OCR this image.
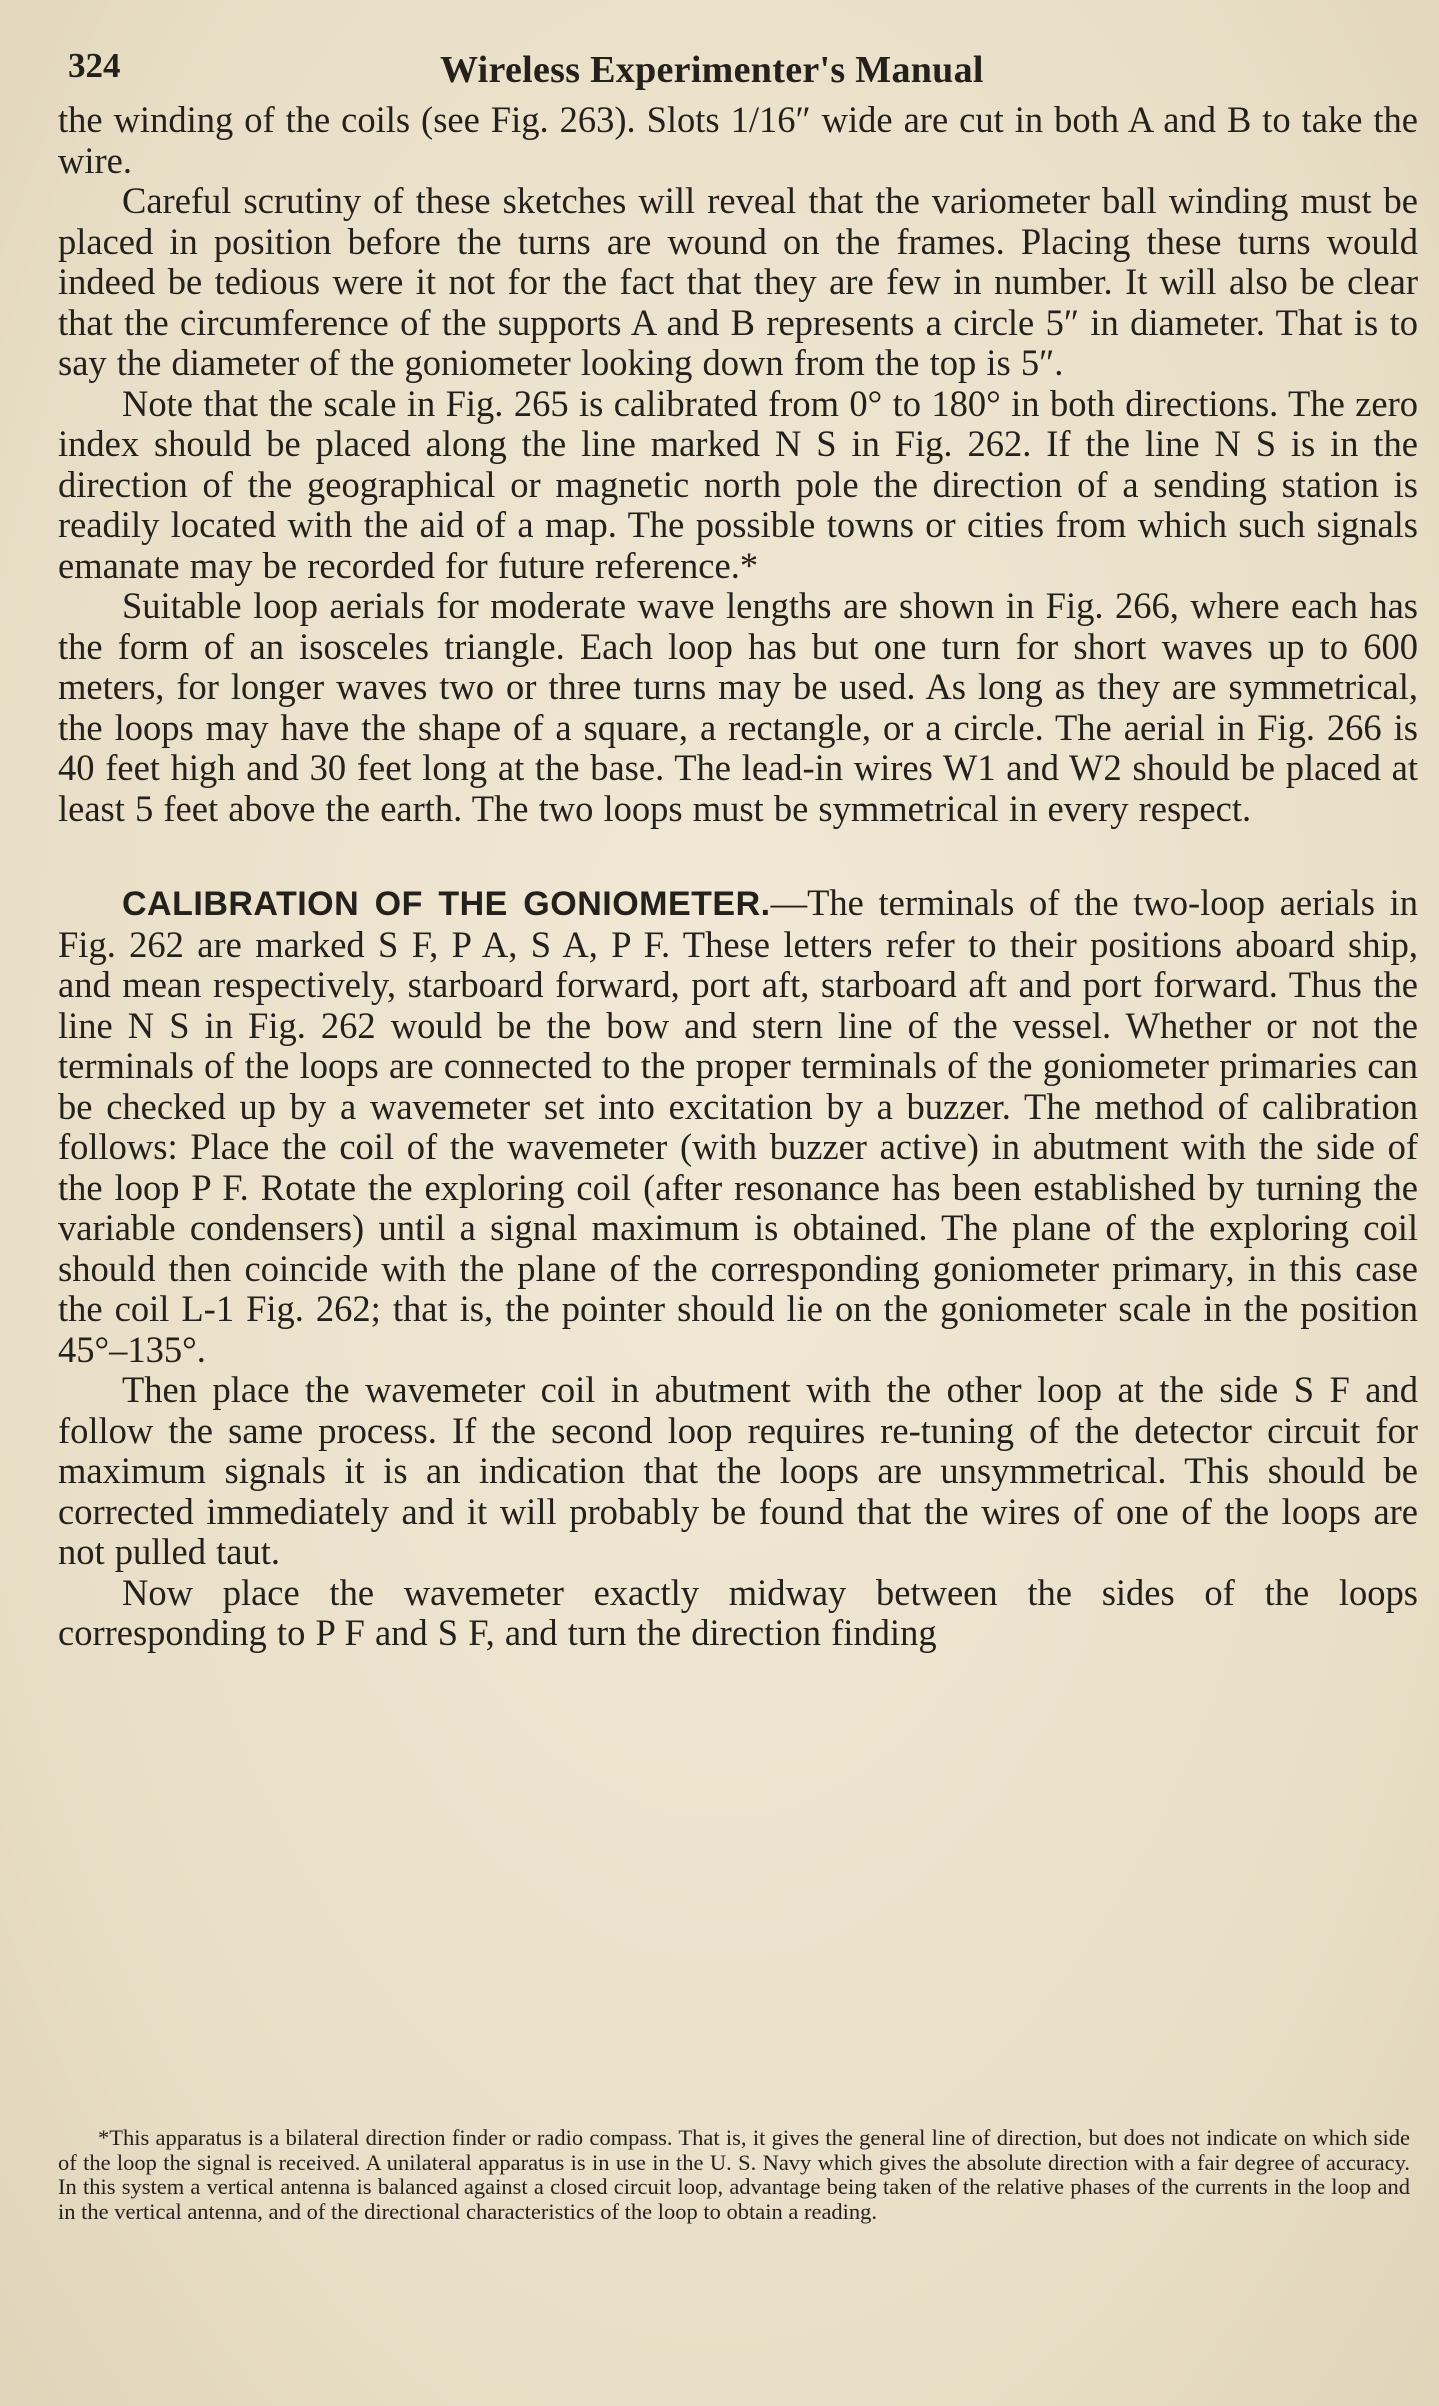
324	Wireless Experimenter's Manual

the winding of the coils (see Fig. 263). Slots 1/16″ wide are cut in both A and B to take the wire.

Careful scrutiny of these sketches will reveal that the variometer ball winding must be placed in position before the turns are wound on the frames. Placing these turns would indeed be tedious were it not for the fact that they are few in number. It will also be clear that the circumference of the supports A and B represents a circle 5″ in diameter. That is to say the diameter of the goniometer looking down from the top is 5″.

Note that the scale in Fig. 265 is calibrated from 0° to 180° in both directions. The zero index should be placed along the line marked N S in Fig. 262. If the line N S is in the direction of the geographical or magnetic north pole the direction of a sending station is readily located with the aid of a map. The possible towns or cities from which such signals emanate may be recorded for future reference.*

Suitable loop aerials for moderate wave lengths are shown in Fig. 266, where each has the form of an isosceles triangle. Each loop has but one turn for short waves up to 600 meters, for longer waves two or three turns may be used. As long as they are symmetrical, the loops may have the shape of a square, a rectangle, or a circle. The aerial in Fig. 266 is 40 feet high and 30 feet long at the base. The lead-in wires W1 and W2 should be placed at least 5 feet above the earth. The two loops must be symmetrical in every respect.

CALIBRATION OF THE GONIOMETER.—The terminals of the two-loop aerials in Fig. 262 are marked S F, P A, S A, P F. These letters refer to their positions aboard ship, and mean respectively, starboard forward, port aft, starboard aft and port forward. Thus the line N S in Fig. 262 would be the bow and stern line of the vessel. Whether or not the terminals of the loops are connected to the proper terminals of the goniometer primaries can be checked up by a wavemeter set into excitation by a buzzer. The method of calibration follows: Place the coil of the wavemeter (with buzzer active) in abutment with the side of the loop P F. Rotate the exploring coil (after resonance has been established by turning the variable condensers) until a signal maximum is obtained. The plane of the exploring coil should then coincide with the plane of the corresponding goniometer primary, in this case the coil L-1 Fig. 262; that is, the pointer should lie on the goniometer scale in the position 45°–135°.

Then place the wavemeter coil in abutment with the other loop at the side S F and follow the same process. If the second loop requires re-tuning of the detector circuit for maximum signals it is an indication that the loops are unsymmetrical. This should be corrected immediately and it will probably be found that the wires of one of the loops are not pulled taut.

Now place the wavemeter exactly midway between the sides of the loops corresponding to P F and S F, and turn the direction finding

*This apparatus is a bilateral direction finder or radio compass. That is, it gives the general line of direction, but does not indicate on which side of the loop the signal is received. A unilateral apparatus is in use in the U. S. Navy which gives the absolute direction with a fair degree of accuracy. In this system a vertical antenna is balanced against a closed circuit loop, advantage being taken of the relative phases of the currents in the loop and in the vertical antenna, and of the directional characteristics of the loop to obtain a reading.
